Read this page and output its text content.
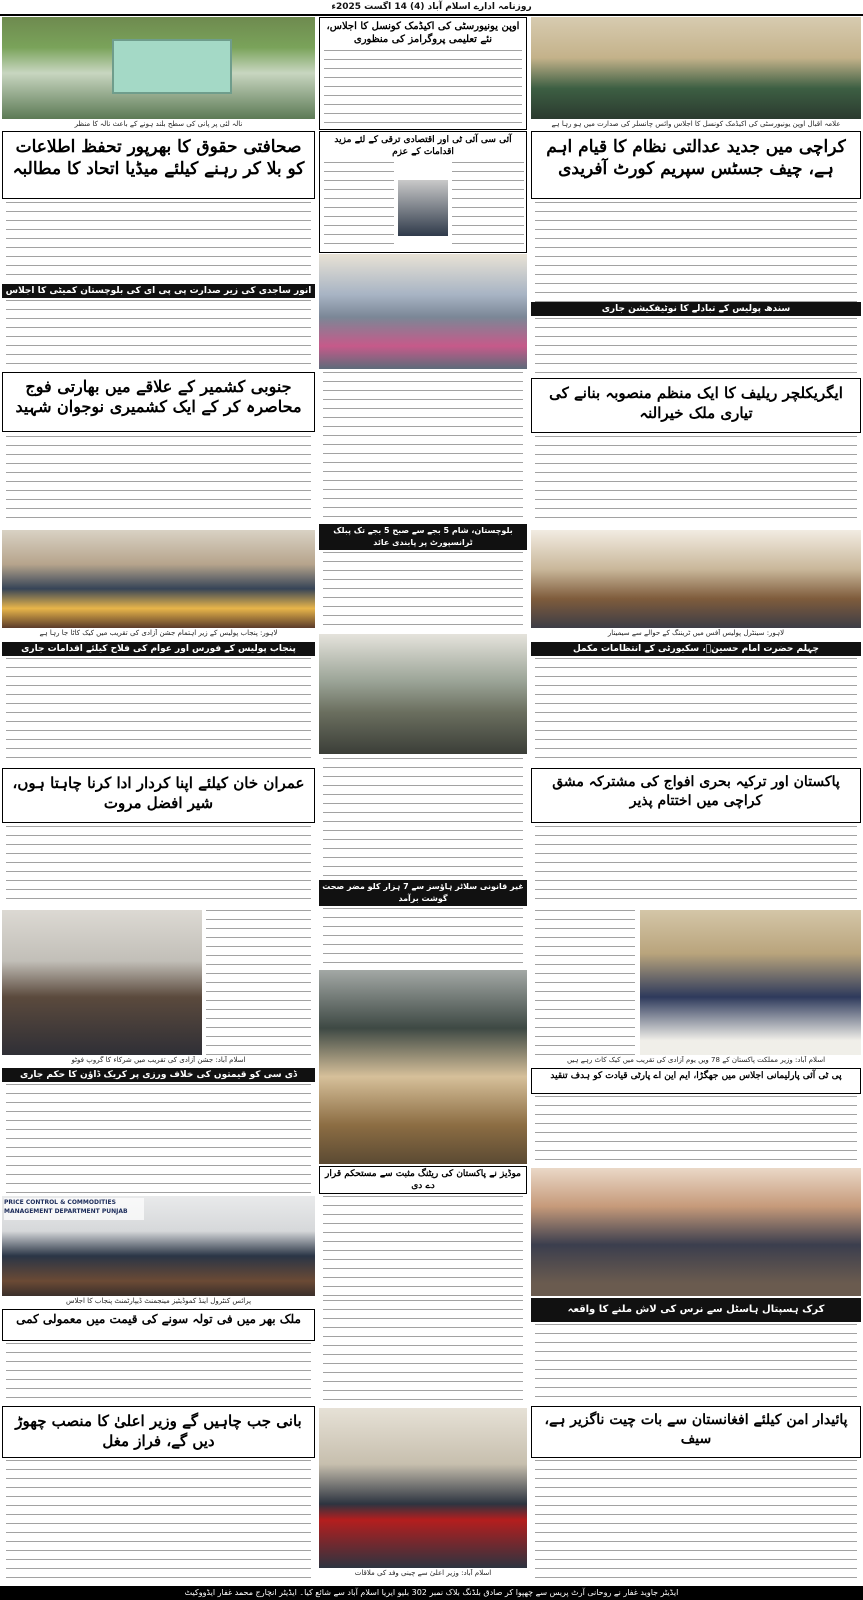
روزنامہ ادارے اسلام آباد (4) 14 اگست 2025ء
نالہ لئی پر پانی کی سطح بلند ہونے کے باعث نالہ کا منظر
اوپن یونیورسٹی کی اکیڈمک کونسل کا اجلاس، نئے تعلیمی پروگرامز کی منظوری
علامہ اقبال اوپن یونیورسٹی کی اکیڈمک کونسل کا اجلاس وائس چانسلر کی صدارت میں ہو رہا ہے
صحافتی حقوق کا بھرپور تحفظ اطلاعات کو بلا کر رہنے کیلئے میڈیا اتحاد کا مطالبہ
کراچی میں جدید عدالتی نظام کا قیام اہم ہے، چیف جسٹس سپریم کورٹ آفریدی
آئی سی آئی ٹی اور اقتصادی ترقی کے لئے مزید اقدامات کے عزم
انور ساجدی کی زیر صدارت پی پی ای کی بلوچستان کمیٹی کا اجلاس
سندھ پولیس کے تبادلے کا نوٹیفکیشن جاری
جنوبی کشمیر کے علاقے میں بھارتی فوج محاصرہ کر کے ایک کشمیری نوجوان شہید
ایگریکلچر ریلیف کا ایک منظم منصوبہ بنانے کی تیاری ملک خیرالنہ
بلوچستان، شام 5 بجے سے صبح 5 بجے تک پبلک ٹرانسپورٹ پر پابندی عائد
لاہور: پنجاب پولیس کے زیر اہتمام جشن آزادی کی تقریب میں کیک کاٹا جا رہا ہے	لاہور: سینٹرل پولیس آفس میں ٹریننگ کے حوالے سے سیمینار
پنجاب پولیس کے فورس اور عوام کی فلاح کیلئے اقدامات جاری	چہلم حضرت امام حسینؓ، سکیورٹی کے انتظامات مکمل
عمران خان کیلئے اپنا کردار ادا کرنا چاہتا ہوں، شیر افضل مروت
پاکستان اور ترکیہ بحری افواج کی مشترکہ مشق کراچی میں اختتام پذیر
غیر قانونی سلاٹر ہاؤسز سے 7 ہزار کلو مضر صحت گوشت برآمد
اسلام آباد: جشن آزادی کی تقریب میں شرکاء کا گروپ فوٹو	اسلام آباد: وزیر مملکت پاکستان کے 78 ویں یوم آزادی کی تقریب میں کیک کاٹ رہے ہیں
ڈی سی کو قیمتوں کی خلاف ورزی پر کریک ڈاؤن کا حکم جاری	پی ٹی آئی پارلیمانی اجلاس میں جھگڑا، ایم این اے پارٹی قیادت کو ہدف تنقید
موڈیز نے پاکستان کی ریٹنگ مثبت سے مستحکم قرار دے دی
PRICE CONTROL & COMMODITIES MANAGEMENT DEPARTMENT PUNJAB
پرائس کنٹرول اینڈ کموڈیٹیز مینجمنٹ ڈیپارٹمنٹ پنجاب کا اجلاس
ملک بھر میں فی تولہ سونے کی قیمت میں معمولی کمی
کرک ہسپتال ہاسٹل سے نرس کی لاش ملنے کا واقعہ
اسلام آباد: وزیر اعلیٰ سے چینی وفد کی ملاقات
بانی جب چاہیں گے وزیر اعلیٰ کا منصب چھوڑ دیں گے، فراز مغل
پائیدار امن کیلئے افغانستان سے بات چیت ناگزیر ہے، سیف
ایڈیٹر جاوید غفار نے روحانی آرٹ پریس سے چھپوا کر صادق بلڈنگ بلاک نمبر 302 بلیو ایریا اسلام آباد سے شائع کیا۔ ایڈیٹر انچارج محمد غفار ایڈووکیٹ
